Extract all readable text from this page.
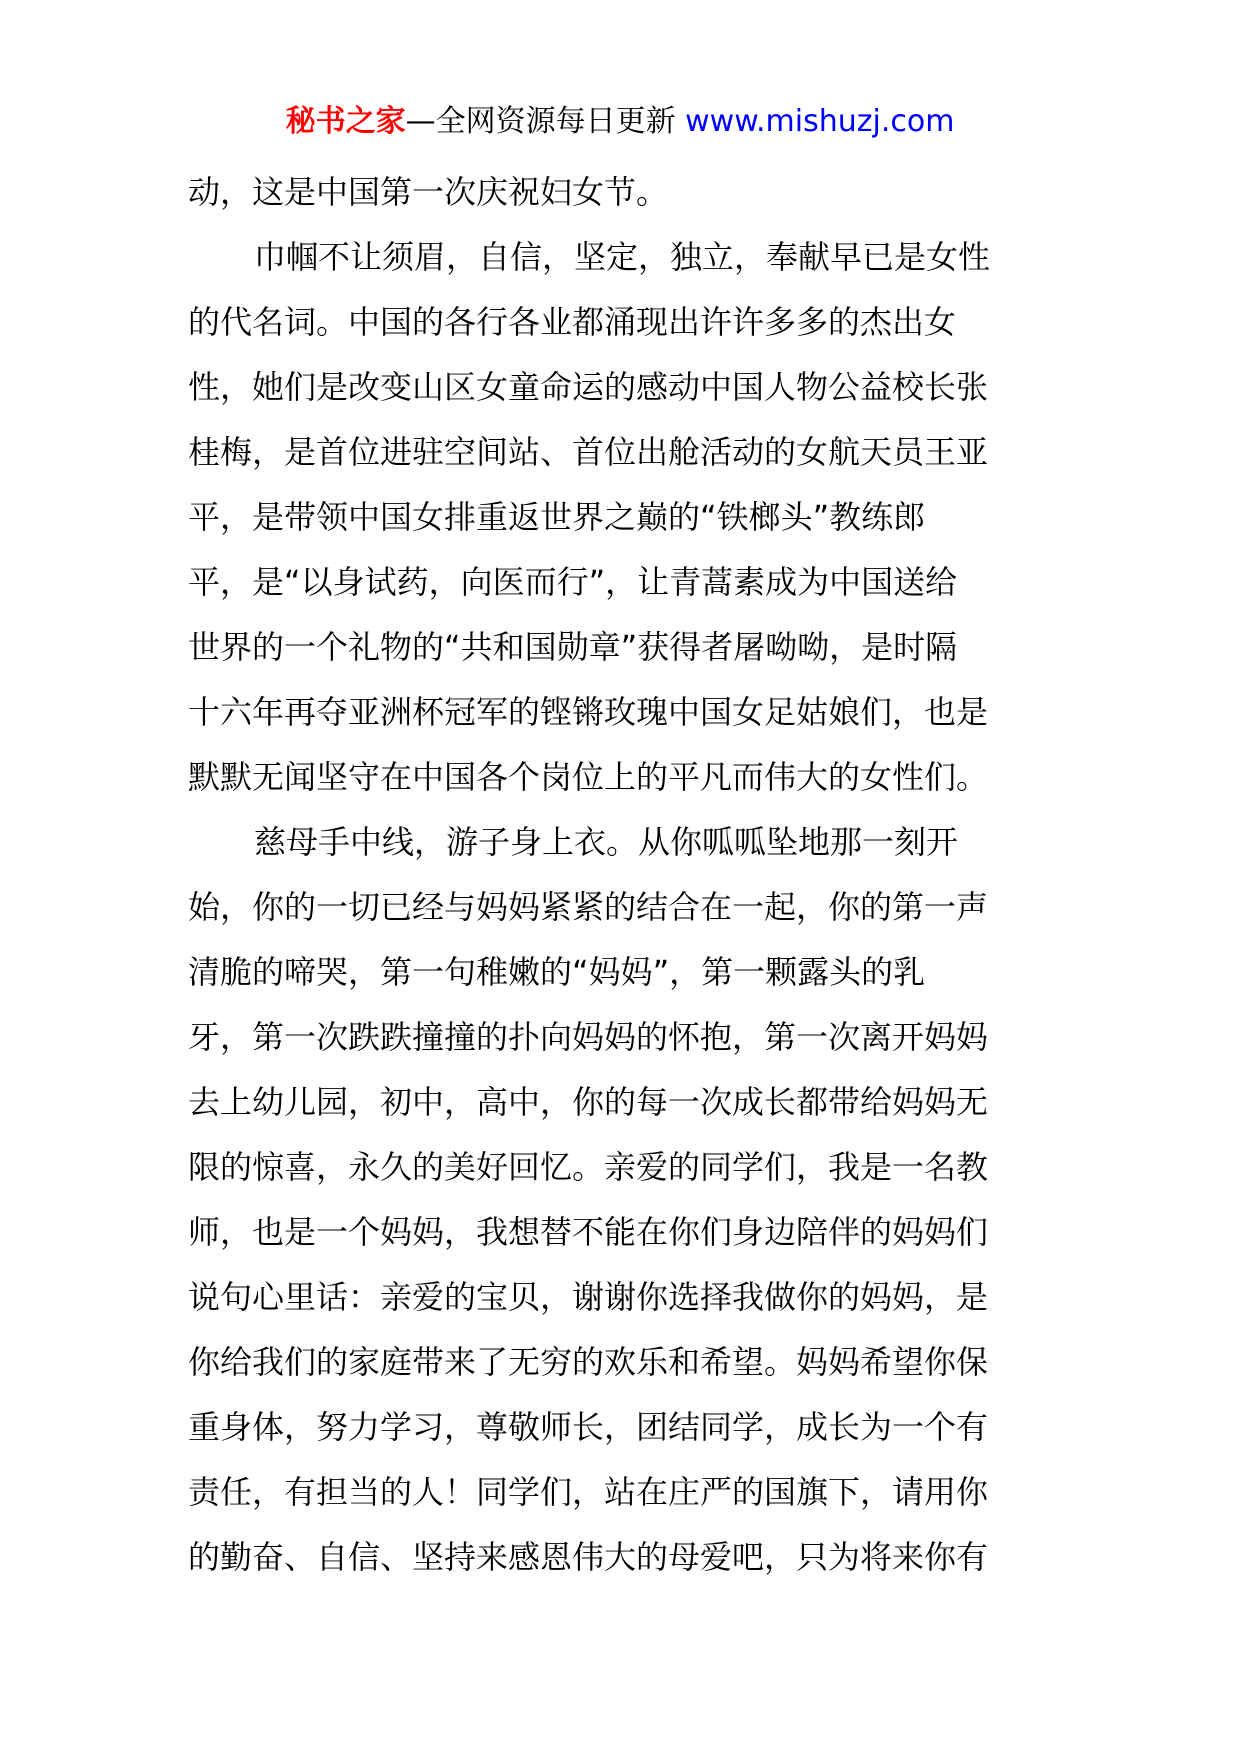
秘书之家—全网资源每日更新 www.mishuzj.com

动，这是中国第一次庆祝妇女节。

巾帼不让须眉，自信，坚定，独立，奉献早已是女性
的代名词。中国的各行各业都涌现出许许多多的杰出女
性，她们是改变山区女童命运的感动中国人物公益校长张
桂梅，是首位进驻空间站、首位出舱活动的女航天员王亚
平，是带领中国女排重返世界之巅的“铁榔头”教练郎
平，是“以身试药，向医而行”，让青蒿素成为中国送给
世界的一个礼物的“共和国勋章”获得者屠呦呦，是时隔
十六年再夺亚洲杯冠军的铿锵玫瑰中国女足姑娘们，也是
默默无闻坚守在中国各个岗位上的平凡而伟大的女性们。

慈母手中线，游子身上衣。从你呱呱坠地那一刻开
始，你的一切已经与妈妈紧紧的结合在一起，你的第一声
清脆的啼哭，第一句稚嫩的“妈妈”，第一颗露头的乳
牙，第一次跌跌撞撞的扑向妈妈的怀抱，第一次离开妈妈
去上幼儿园，初中，高中，你的每一次成长都带给妈妈无
限的惊喜，永久的美好回忆。亲爱的同学们，我是一名教
师，也是一个妈妈，我想替不能在你们身边陪伴的妈妈们
说句心里话：亲爱的宝贝，谢谢你选择我做你的妈妈，是
你给我们的家庭带来了无穷的欢乐和希望。妈妈希望你保
重身体，努力学习，尊敬师长，团结同学，成长为一个有
责任，有担当的人！同学们，站在庄严的国旗下，请用你
的勤奋、自信、坚持来感恩伟大的母爱吧，只为将来你有
